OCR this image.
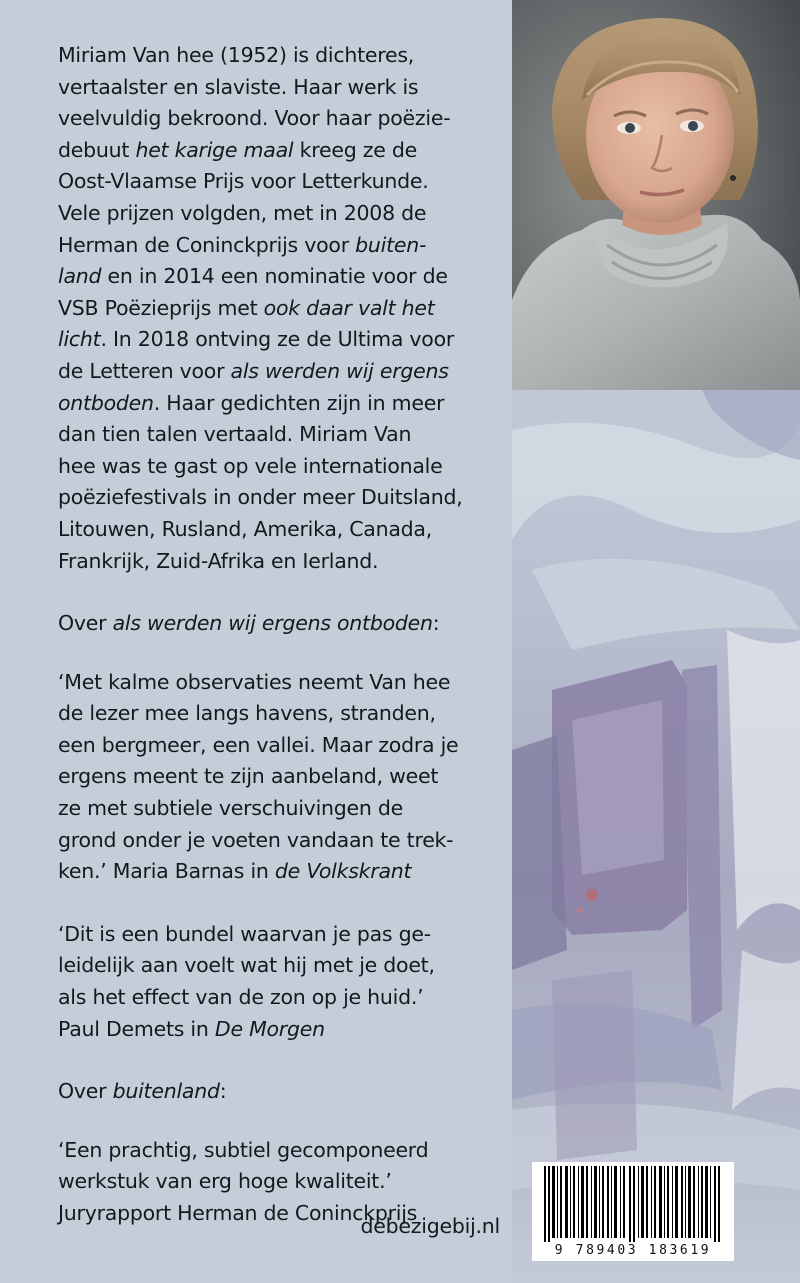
Miriam Van hee (1952) is dichteres,
vertaalster en slaviste. Haar werk is
veelvuldig bekroond. Voor haar poëzie-
debuut het karige maal kreeg ze de
Oost-Vlaamse Prijs voor Letterkunde.
Vele prijzen volgden, met in 2008 de
Herman de Coninckprijs voor buiten-
land en in 2014 een nominatie voor de
VSB Poëzieprijs met ook daar valt het
licht. In 2018 ontving ze de Ultima voor
de Letteren voor als werden wij ergens
ontboden. Haar gedichten zijn in meer
dan tien talen vertaald. Miriam Van
hee was te gast op vele internationale
poëziefestivals in onder meer Duitsland,
Litouwen, Rusland, Amerika, Canada,
Frankrijk, Zuid-Afrika en Ierland.

Over als werden wij ergens ontboden:

‘Met kalme observaties neemt Van hee
de lezer mee langs havens, stranden,
een bergmeer, een vallei. Maar zodra je
ergens meent te zijn aanbeland, weet
ze met subtiele verschuivingen de
grond onder je voeten vandaan te trek-
ken.’ Maria Barnas in de Volkskrant

‘Dit is een bundel waarvan je pas ge-
leidelijk aan voelt wat hij met je doet,
als het effect van de zon op je huid.’
Paul Demets in De Morgen

Over buitenland:

‘Een prachtig, subtiel gecomponeerd
werkstuk van erg hoge kwaliteit.’
Juryrapport Herman de Coninckprijs

debezigebij.nl
9 789403 183619
